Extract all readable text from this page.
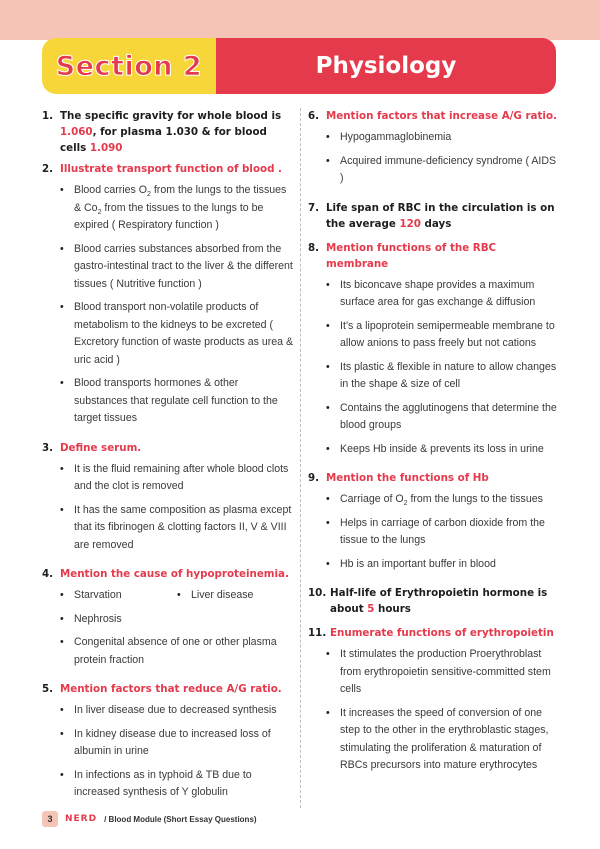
Section 2	Physiology
1. The specific gravity for whole blood is 1.060, for plasma 1.030 & for blood cells 1.090
2. Illustrate transport function of blood .
• Blood carries $O_2$ from the lungs to the tissues & $Co_2$ from the tissues to the lungs to be expired ( Respiratory function )
• Blood carries substances absorbed from the gastro-intestinal tract to the liver & the different tissues ( Nutritive function )
• Blood transport non-volatile products of metabolism to the kidneys to be excreted ( Excretory function of waste products as urea & uric acid )
• Blood transports hormones & other substances that regulate cell function to the target tissues
3. Define serum.
• It is the fluid remaining after whole blood clots and the clot is removed
• It has the same composition as plasma except that its fibrinogen & clotting factors II, V & VIII are removed
4. Mention the cause of hypoproteinemia.
• Starvation
•	Liver disease
• Nephrosis
• Congenital absence of one or other plasma protein fraction
5. Mention factors that reduce A/G ratio.
• In liver disease due to decreased synthesis
• In kidney disease due to increased loss of albumin in urine
• In infections as in typhoid & TB due to increased synthesis of Y globulin
6. Mention factors that increase A/G ratio.
• Hypogammaglobinemia
• Acquired immune-deficiency syndrome ( AIDS )
7. Life span of RBC in the circulation is on the average 120 days
8. Mention functions of the RBC membrane
• Its biconcave shape provides a maximum surface area for gas exchange & diffusion
• It’s a lipoprotein semipermeable membrane to allow anions to pass freely but not cations
• Its plastic & flexible in nature to allow changes in the shape & size of cell
• Contains the agglutinogens that determine the blood groups
• Keeps Hb inside & prevents its loss in urine
9. Mention the functions of Hb
• Carriage of $O_2$ from the lungs to the tissues
• Helps in carriage of carbon dioxide from the tissue to the lungs
• Hb is an important buffer in blood
10. Half-life of Erythropoietin hormone is about 5 hours
11. Enumerate functions of erythropoietin
• It stimulates the production Proerythroblast from erythropoietin sensitive-committed stem cells
• It increases the speed of conversion of one step to the other in the erythroblastic stages, stimulating the proliferation & maturation of RBCs precursors into mature erythrocytes
3	NERD / Blood Module (Short Essay Questions)
